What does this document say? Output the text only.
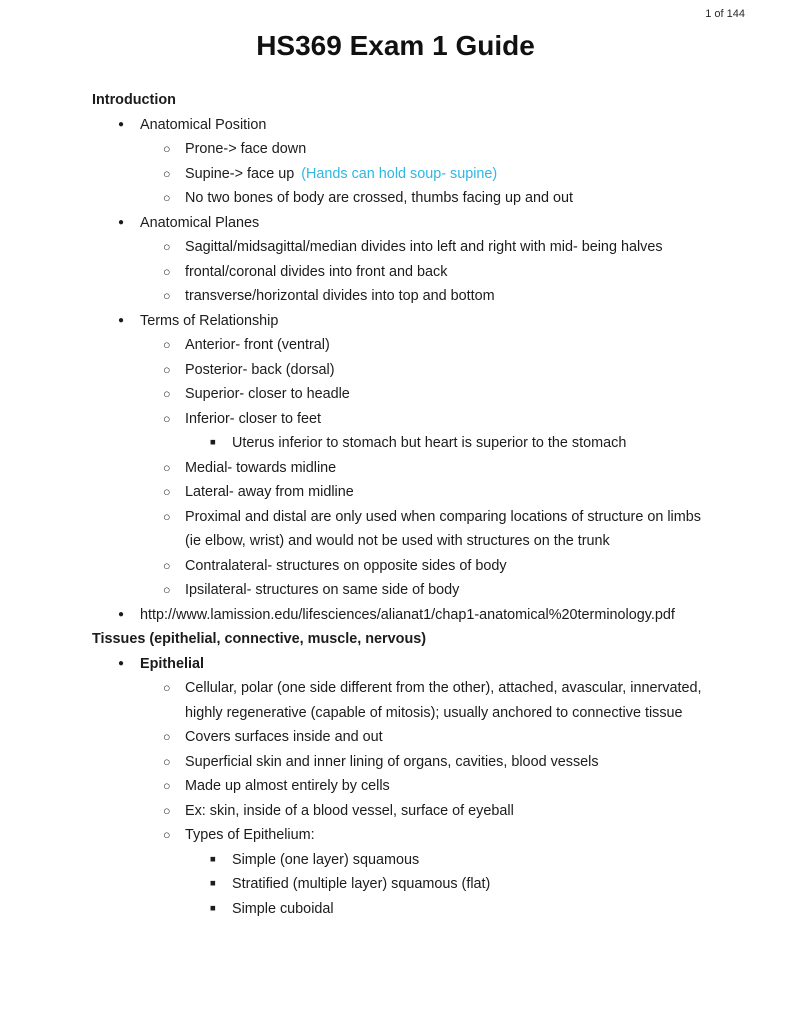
1 of 144
HS369 Exam 1 Guide
Introduction
●	Anatomical Position
○	Prone-> face down
○	Supine-> face up (Hands can hold soup- supine)
○	No two bones of body are crossed, thumbs facing up and out
●	Anatomical Planes
○	Sagittal/midsagittal/median divides into left and right with mid- being halves
○	frontal/coronal divides into front and back
○	transverse/horizontal divides into top and bottom
●	Terms of Relationship
○	Anterior- front (ventral)
○	Posterior- back (dorsal)
○	Superior- closer to headle
○	Inferior- closer to feet
■	Uterus inferior to stomach but heart is superior to the stomach
○	Medial- towards midline
○	Lateral- away from midline
○	Proximal and distal are only used when comparing locations of structure on limbs
(ie elbow, wrist) and would not be used with structures on the trunk
○	Contralateral- structures on opposite sides of body
○	Ipsilateral- structures on same side of body
●	http://www.lamission.edu/lifesciences/alianat1/chap1-anatomical%20terminology.pdf
Tissues (epithelial, connective, muscle, nervous)
●	Epithelial
○	Cellular, polar (one side different from the other), attached, avascular, innervated,
highly regenerative (capable of mitosis); usually anchored to connective tissue
○	Covers surfaces inside and out
○	Superficial skin and inner lining of organs, cavities, blood vessels
○	Made up almost entirely by cells
○	Ex: skin, inside of a blood vessel, surface of eyeball
○	Types of Epithelium:
■	Simple (one layer) squamous
■	Stratified (multiple layer) squamous (flat)
■	Simple cuboidal
